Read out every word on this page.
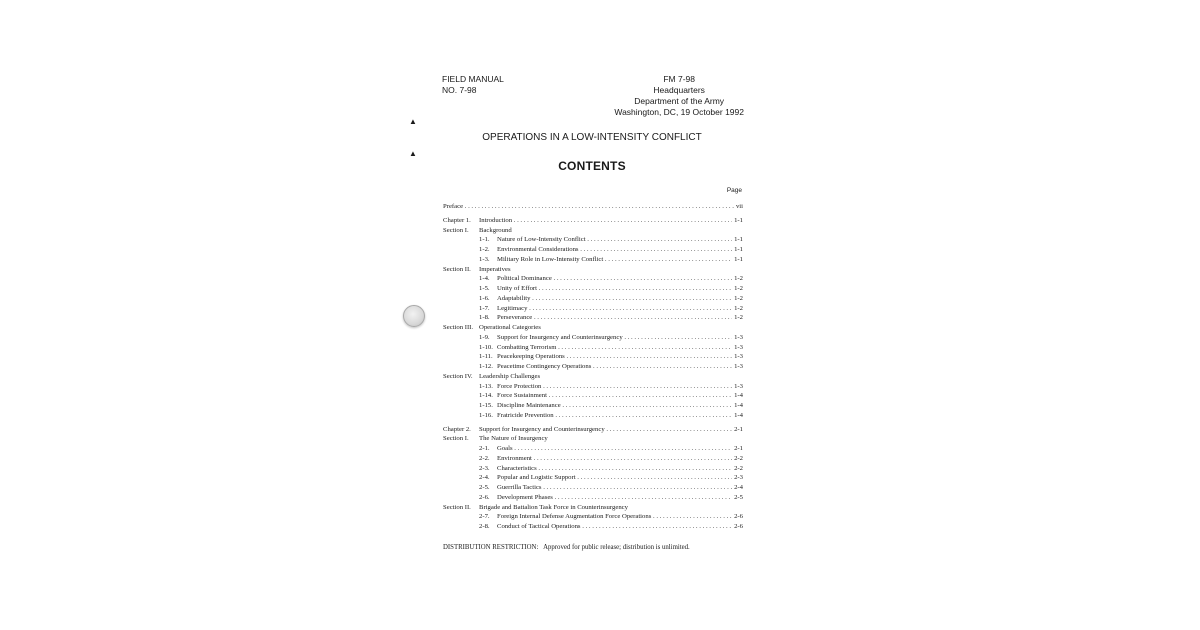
FIELD MANUAL
NO. 7-98
FM 7-98
Headquarters
Department of the Army
Washington, DC, 19 October 1992
▲
▲
OPERATIONS IN A LOW-INTENSITY CONFLICT
CONTENTS
Page
Preface . . .	vii
Chapter 1.	Introduction . . .	1-1
Section I.	Background
1-1.	Nature of Low-Intensity Conflict . . .	1-1
1-2.	Environmental Considerations . . .	1-1
1-3.	Military Role in Low-Intensity Conflict . . .	1-1
Section II.	Imperatives
1-4.	Political Dominance . . .	1-2
1-5.	Unity of Effort . . .	1-2
1-6.	Adaptability . . .	1-2
1-7.	Legitimacy . . .	1-2
1-8.	Perseverance . . .	1-2
Section III. Operational Categories
1-9.	Support for Insurgency and Counterinsurgency . . .	1-3
1-10. Combatting Terrorism . . .	1-3
1-11. Peacekeeping Operations . . .	1-3
1-12. Peacetime Contingency Operations . . .	1-3
Section IV. Leadership Challenges
1-13. Force Protection . . .	1-3
1-14. Force Sustainment . . .	1-4
1-15. Discipline Maintenance . . .	1-4
1-16. Fratricide Prevention . . .	1-4
Chapter 2.	Support for Insurgency and Counterinsurgency . . .	2-1
Section I.	The Nature of Insurgency
2-1.	Goals . . .	2-1
2-2.	Environment . . .	2-2
2-3.	Characteristics . . .	2-2
2-4.	Popular and Logistic Support . . .	2-3
2-5.	Guerrilla Tactics . . .	2-4
2-6.	Development Phases . . .	2-5
Section II.	Brigade and Battalion Task Force in Counterinsurgency
2-7.	Foreign Internal Defense Augmentation Force Operations . . .	2-6
2-8.	Conduct of Tactical Operations . . .	2-6
DISTRIBUTION RESTRICTION: Approved for public release; distribution is unlimited.
